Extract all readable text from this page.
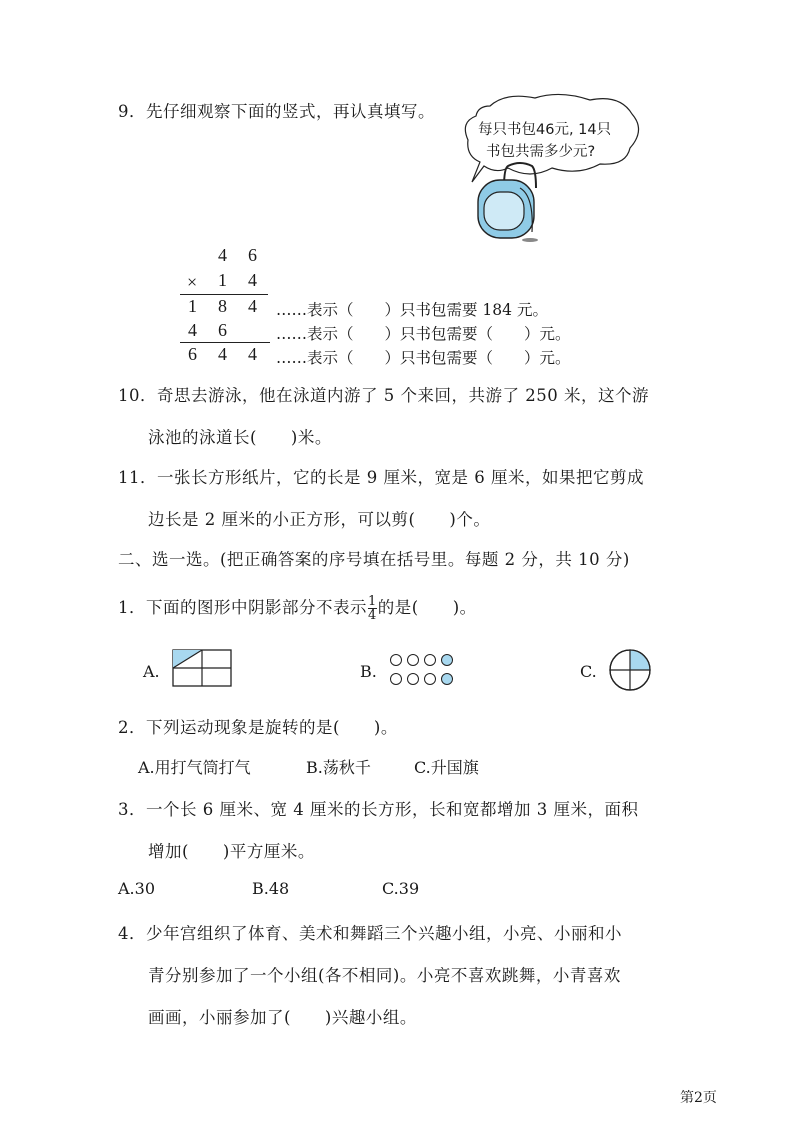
9．先仔细观察下面的竖式，再认真填写。
每只书包46元, 14只
书包共需多少元?
4 6
× 1 4
1 8 4
4 6
6 4 4
……表示（　　）只书包需要 184 元。
……表示（　　）只书包需要（　　）元。
……表示（　　）只书包需要（　　）元。
10．奇思去游泳，他在泳道内游了 5 个来回，共游了 250 米，这个游
泳池的泳道长(　　)米。
11．一张长方形纸片，它的长是 9 厘米，宽是 6 厘米，如果把它剪成
边长是 2 厘米的小正方形，可以剪(　　)个。
二、选一选。(把正确答案的序号填在括号里。每题 2 分，共 10 分)
1．下面的图形中阴影部分不表示 $\frac{1}{4}$ 的是(　　)。
A.	B.	C.
2．下列运动现象是旋转的是(　　)。
A.用打气筒打气	B.荡秋千	C.升国旗
3．一个长 6 厘米、宽 4 厘米的长方形，长和宽都增加 3 厘米，面积
增加(　　)平方厘米。
A.30	B.48	C.39
4．少年宫组织了体育、美术和舞蹈三个兴趣小组，小亮、小丽和小
青分别参加了一个小组(各不相同)。小亮不喜欢跳舞，小青喜欢
画画，小丽参加了(　　)兴趣小组。
第2页
